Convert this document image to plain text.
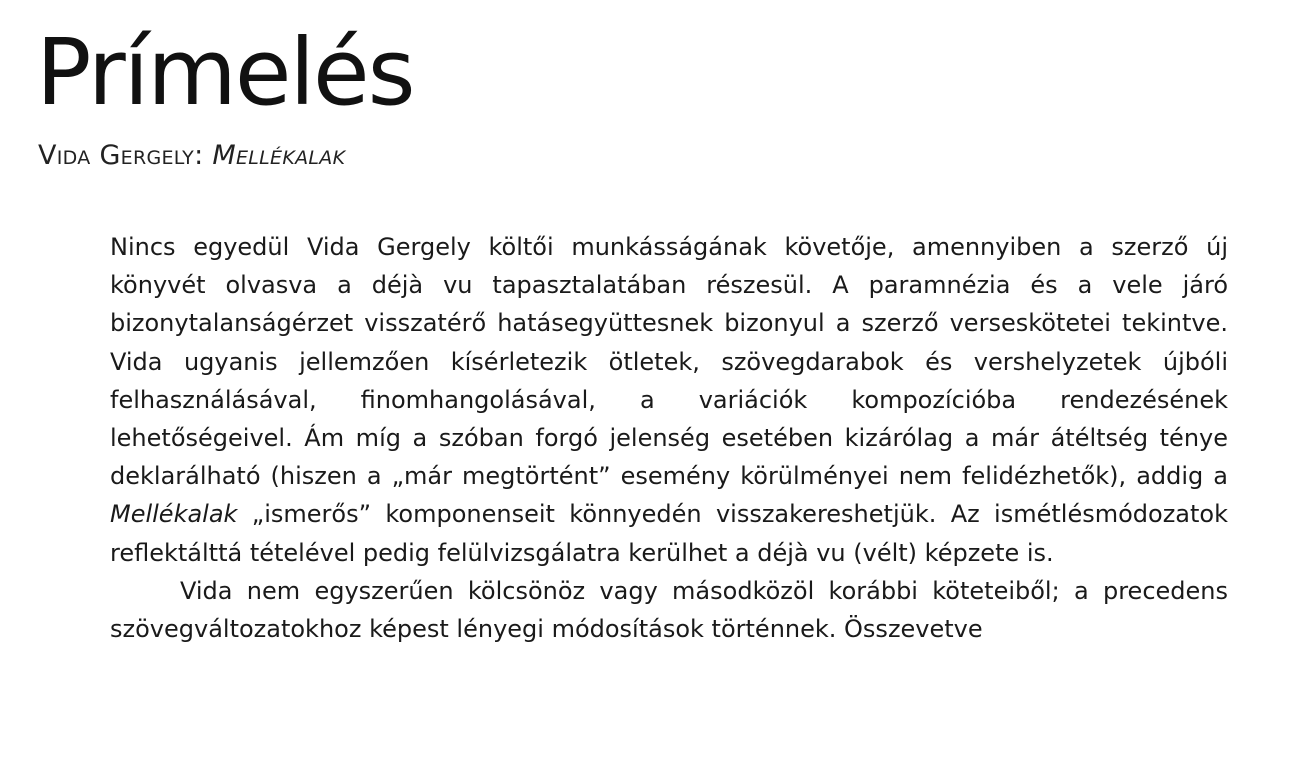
Prímelés
Vida Gergely: Mellékalak

Nincs egyedül Vida Gergely költői munkásságának követője, amennyiben a szerző új könyvét olvasva a déjà vu tapasztalatában részesül. A paramnézia és a vele járó bizonytalanságérzet visszatérő hatásegyüttesnek bizonyul a szerző verseskötetei tekintve. Vida ugyanis jellemzően kísérletezik ötletek, szövegdarabok és vershelyzetek újbóli felhasználásával, finomhangolásával, a variációk kompozícióba rendezésének lehetőségeivel. Ám míg a szóban forgó jelenség esetében kizárólag a már átéltség ténye deklarálható (hiszen a „már megtörtént” esemény körülményei nem felidézhetők), addig a Mellékalak „ismerős” komponenseit könnyedén visszakereshetjük. Az ismétlésmódozatok reflektálttá tételével pedig felülvizsgálatra kerülhet a déjà vu (vélt) képzete is.

Vida nem egyszerűen kölcsönöz vagy másodközöl korábbi köteteiből; a precedens szövegváltozatokhoz képest lényegi módosítások történnek. Összevetve
